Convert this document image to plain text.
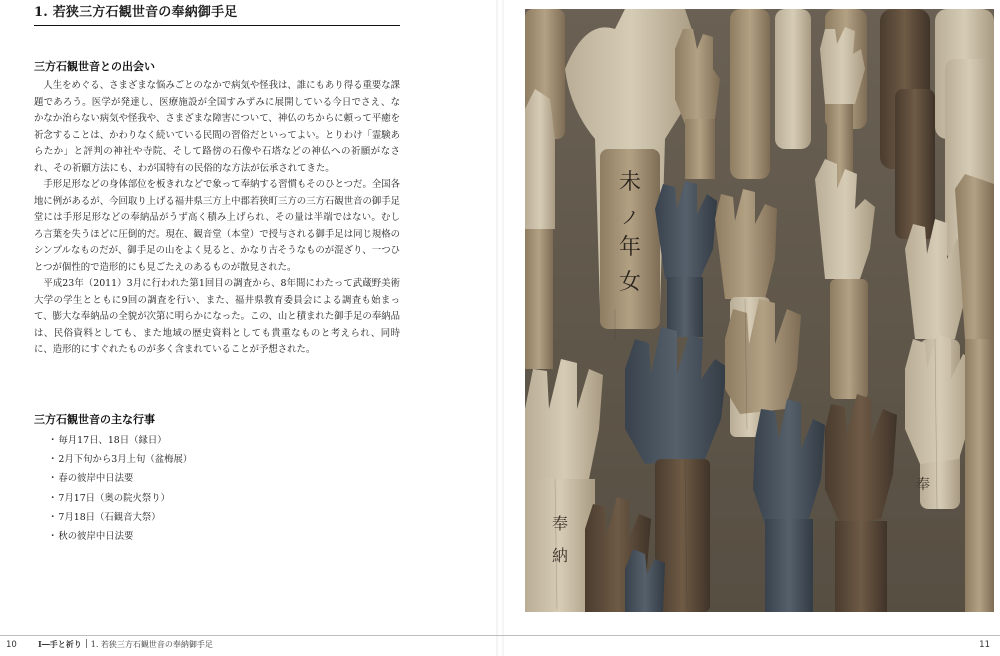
1. 若狭三方石観世音の奉納御手足
三方石観世音との出会い

人生をめぐる、さまざまな悩みごとのなかで病気や怪我は、誰にもあり得る重要な課題であろう。医学が発達し、医療施設が全国すみずみに展開している今日でさえ、なかなか治らない病気や怪我や、さまざまな障害について、神仏のちからに頼って平癒を祈念することは、かわりなく続いている民間の習俗だといってよい。とりわけ「霊験あらたか」と評判の神社や寺院、そして路傍の石像や石塔などの神仏への祈願がなされ、その祈願方法にも、わが国特有の民俗的な方法が伝承されてきた。

手形足形などの身体部位を板きれなどで象って奉納する習慣もそのひとつだ。全国各地に例があるが、今回取り上げる福井県三方上中郡若狭町三方の三方石観世音の御手足堂には手形足形などの奉納品がうず高く積み上げられ、その量は半端ではない。むしろ言葉を失うほどに圧倒的だ。現在、観音堂（本堂）で授与される御手足は同じ規格のシンプルなものだが、御手足の山をよく見ると、かなり古そうなものが混ざり、一つひとつが個性的で造形的にも見ごたえのあるものが散見された。

平成23年（2011）3月に行われた第1回目の調査から、8年間にわたって武蔵野美術大学の学生とともに9回の調査を行い、また、福井県教育委員会による調査も始まって、膨大な奉納品の全貌が次第に明らかになった。この、山と積まれた御手足の奉納品は、民俗資料としても、また地域の歴史資料としても貴重なものと考えられ、同時に、造形的にすぐれたものが多く含まれていることが予想された。

三方石観世音の主な行事
・ 毎月17日、18日（縁日）
・ 2月下旬から3月上旬（盆梅展）
・ 春の彼岸中日法要
・ 7月17日（奥の院火祭り）
・ 7月18日（石観音大祭）
・ 秋の彼岸中日法要
10	Ⅰ―手と祈り 1. 若狭三方石観世音の奉納御手足	11
未
ノ
年
女
奉
納
奉
